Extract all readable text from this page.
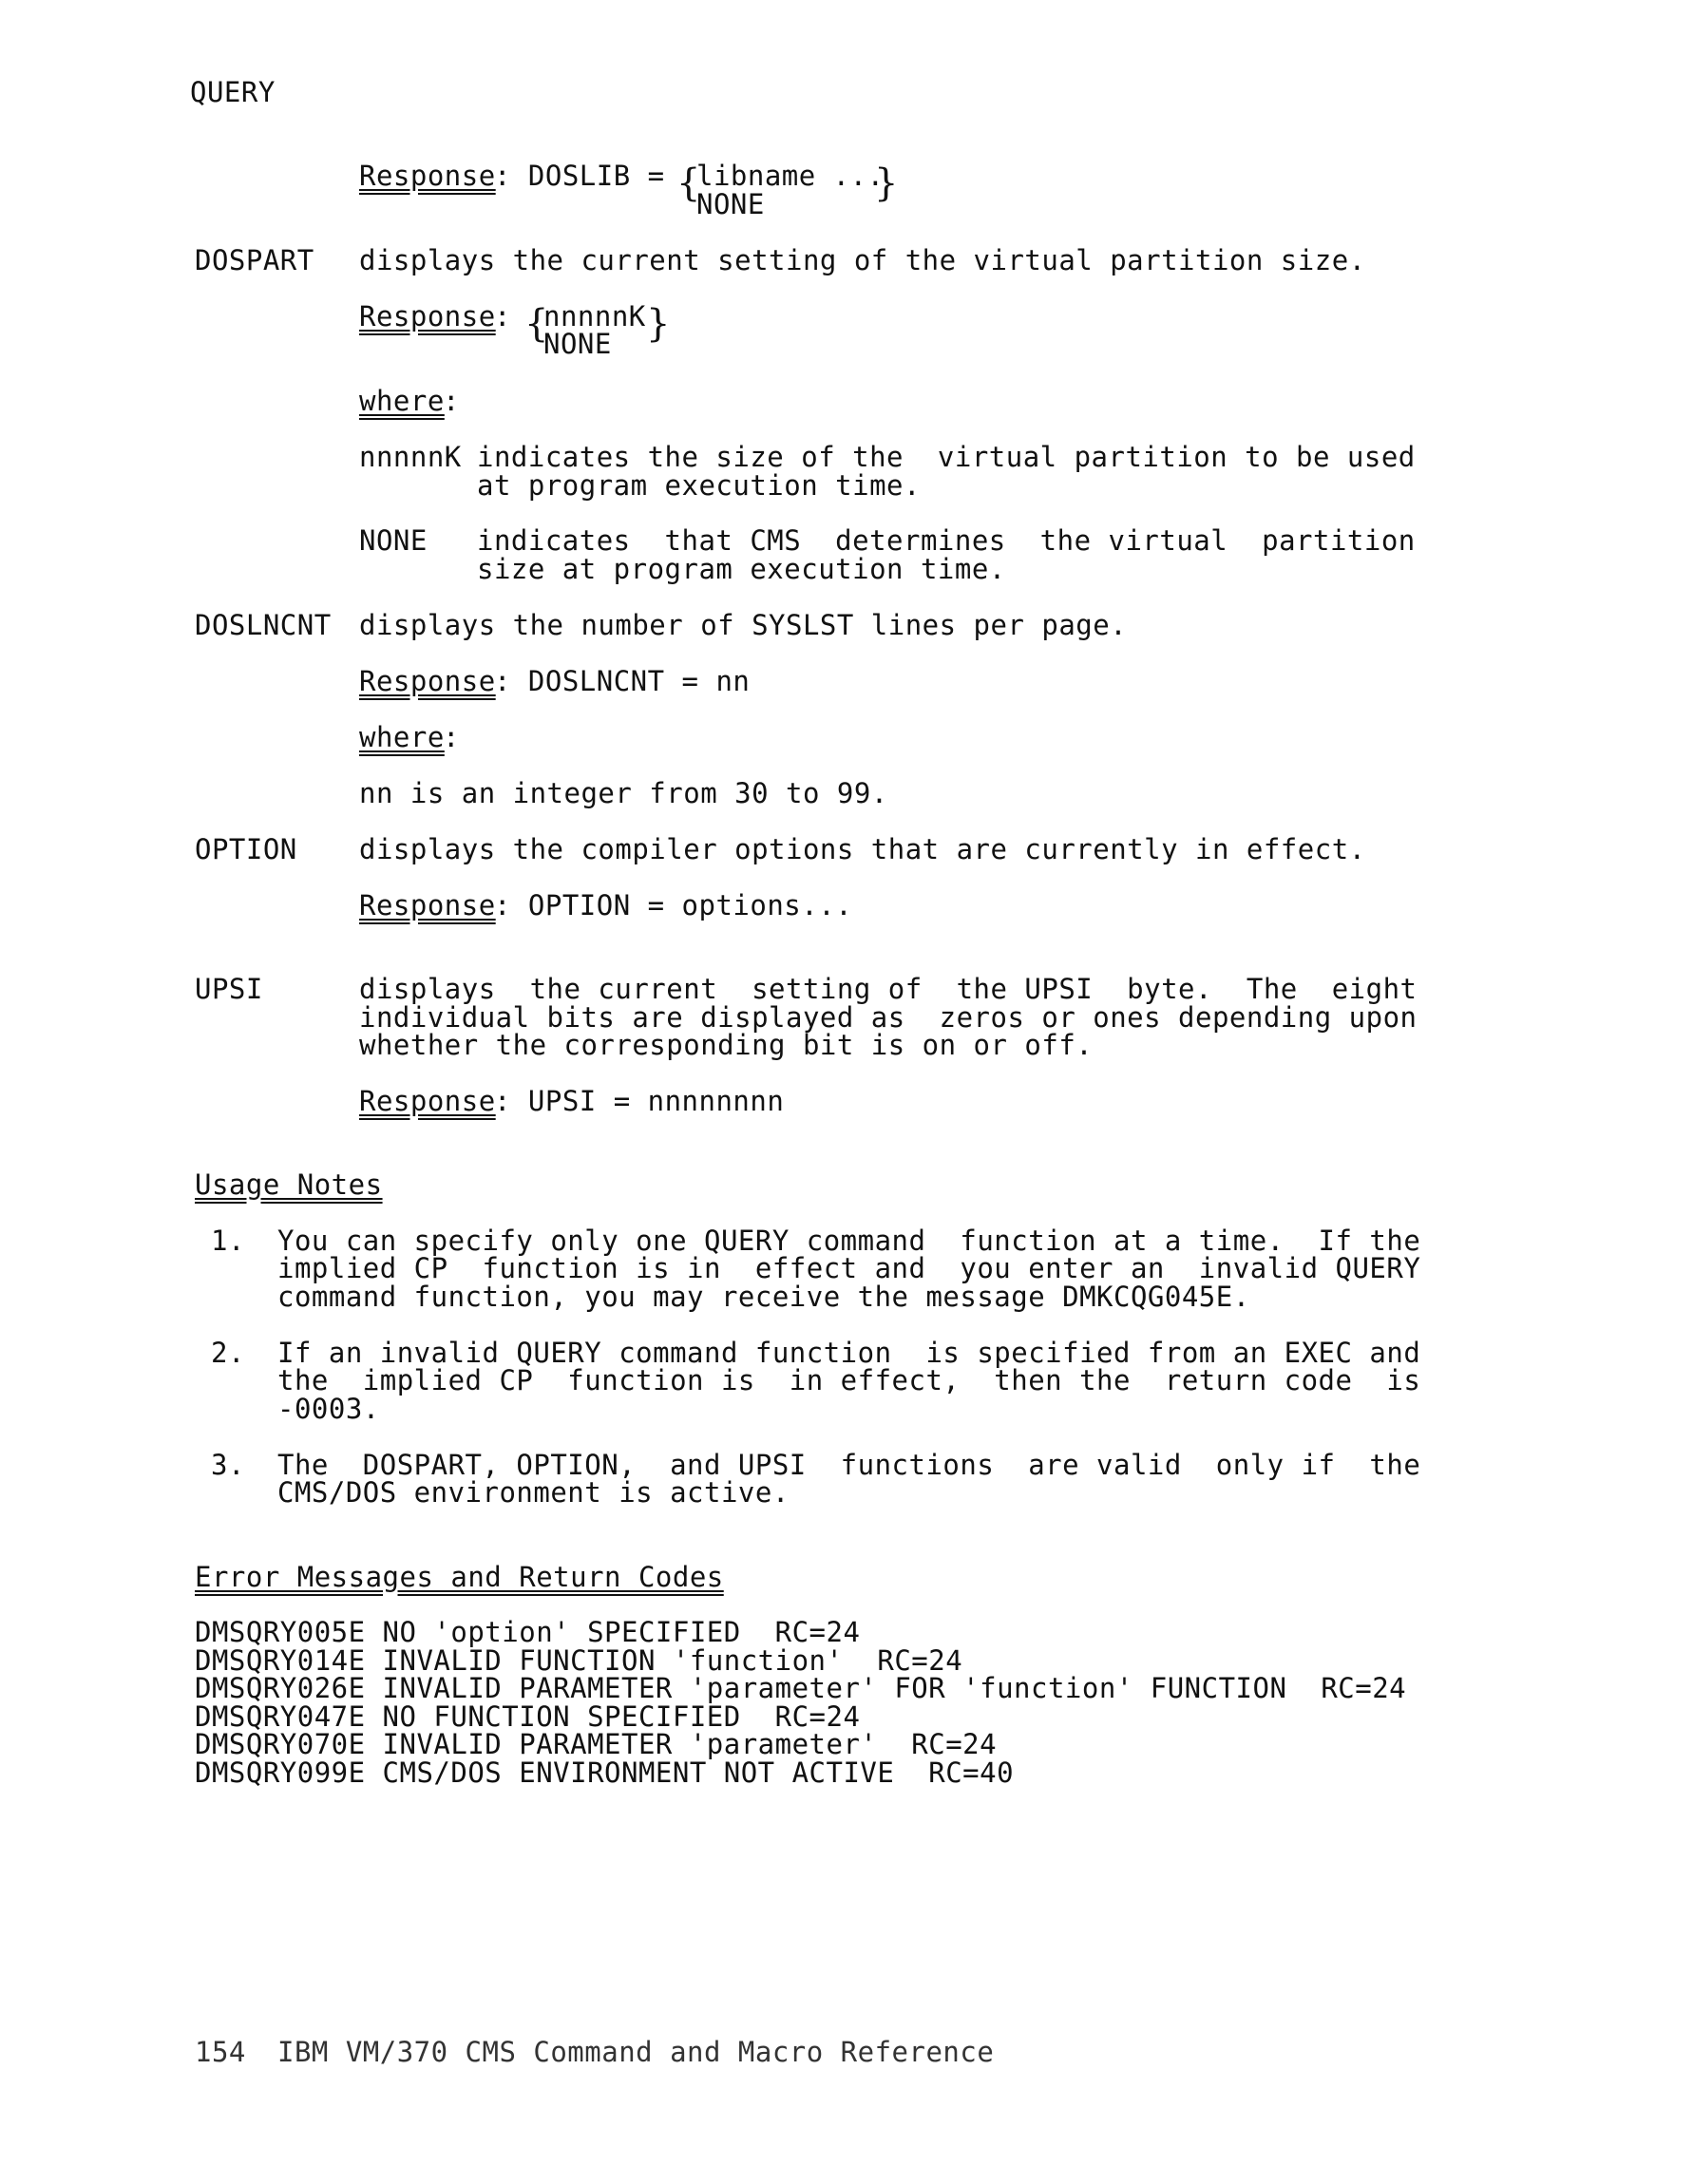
QUERY
Response
: DOSLIB =
{
libname ...
NONE	}
DOSPART displays the current setting of the virtual partition size.
Response
: {
nnnnnK
NONE }
where
:
nnnnnK indicates the size of the  virtual partition to be used
at program execution time.
NONE indicates  that CMS  determines  the virtual  partition
size at program execution time.
DOSLNCNT displays the number of SYSLST lines per page.
Response
: DOSLNCNT = nn
where
:
nn is an integer from 30 to 99.
OPTION displays the compiler options that are currently in effect.
Response
: OPTION = options...
UPSI	displays  the current  setting of  the UPSI  byte.  The  eight
individual bits are displayed as  zeros or ones depending upon
whether the corresponding bit is on or off.
Response
: UPSI = nnnnnnnn
Usage Notes
1. You can specify only one QUERY command  function at a time.  If the
implied CP  function is in  effect and  you enter an  invalid QUERY
command function, you may receive the message DMKCQG045E.
2. If an invalid QUERY command function  is specified from an EXEC and
the  implied CP  function is  in effect,  then the  return code  is
-0003.
3. The  DOSPART, OPTION,  and UPSI  functions  are valid  only if  the
CMS/DOS environment is active.
Error Messages and Return Codes
DMSQRY005E NO 'option' SPECIFIED  RC=24
DMSQRY014E INVALID FUNCTION 'function'  RC=24
DMSQRY026E INVALID PARAMETER 'parameter' FOR 'function' FUNCTION  RC=24
DMSQRY047E NO FUNCTION SPECIFIED  RC=24
DMSQRY070E INVALID PARAMETER 'parameter'  RC=24
DMSQRY099E CMS/DOS ENVIRONMENT NOT ACTIVE  RC=40
154 IBM VM/370 CMS Command and Macro Reference
